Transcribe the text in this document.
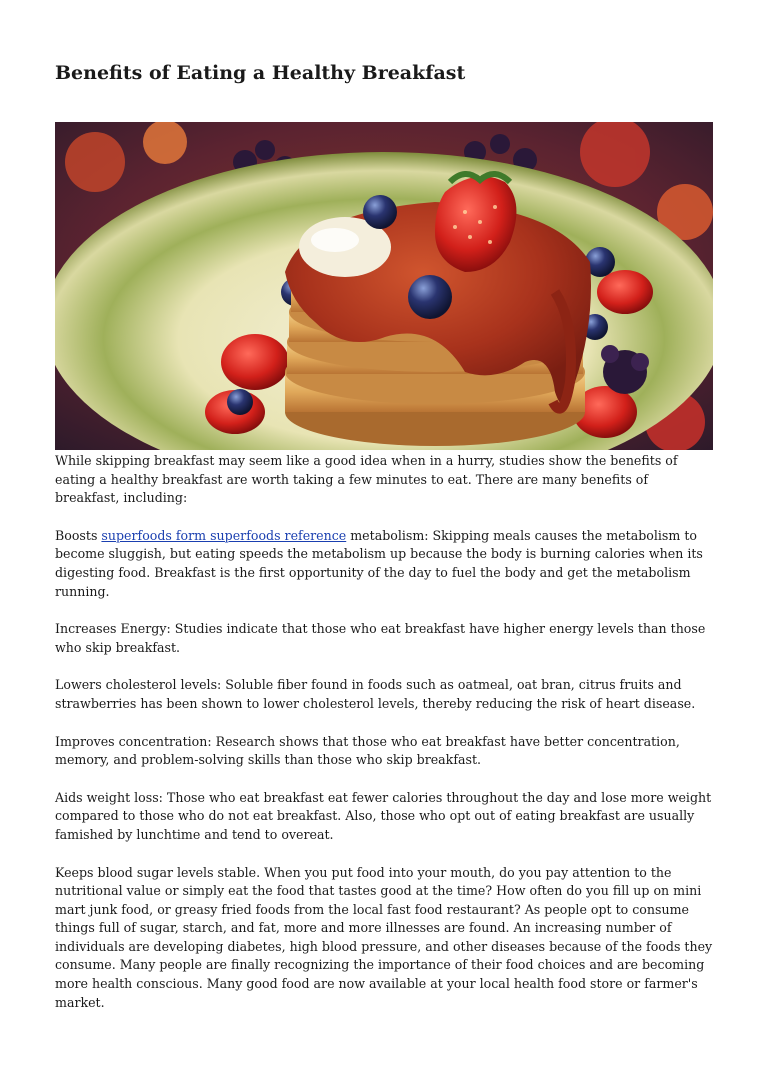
Benefits of Eating a Healthy Breakfast

While skipping breakfast may seem like a good idea when in a hurry, studies show the benefits of eating a healthy breakfast are worth taking a few minutes to eat. There are many benefits of breakfast, including:

Boosts superfoods form superfoods reference metabolism: Skipping meals causes the metabolism to become sluggish, but eating speeds the metabolism up because the body is burning calories when its digesting food. Breakfast is the first opportunity of the day to fuel the body and get the metabolism running.

Increases Energy: Studies indicate that those who eat breakfast have higher energy levels than those who skip breakfast.

Lowers cholesterol levels: Soluble fiber found in foods such as oatmeal, oat bran, citrus fruits and strawberries has been shown to lower cholesterol levels, thereby reducing the risk of heart disease.

Improves concentration: Research shows that those who eat breakfast have better concentration, memory, and problem-solving skills than those who skip breakfast.

Aids weight loss: Those who eat breakfast eat fewer calories throughout the day and lose more weight compared to those who do not eat breakfast. Also, those who opt out of eating breakfast are usually famished by lunchtime and tend to overeat.

Keeps blood sugar levels stable. When you put food into your mouth, do you pay attention to the nutritional value or simply eat the food that tastes good at the time? How often do you fill up on mini mart junk food, or greasy fried foods from the local fast food restaurant? As people opt to consume things full of sugar, starch, and fat, more and more illnesses are found. An increasing number of individuals are developing diabetes, high blood pressure, and other diseases because of the foods they consume. Many people are finally recognizing the importance of their food choices and are becoming more health conscious. Many good food are now available at your local health food store or farmer's market.
